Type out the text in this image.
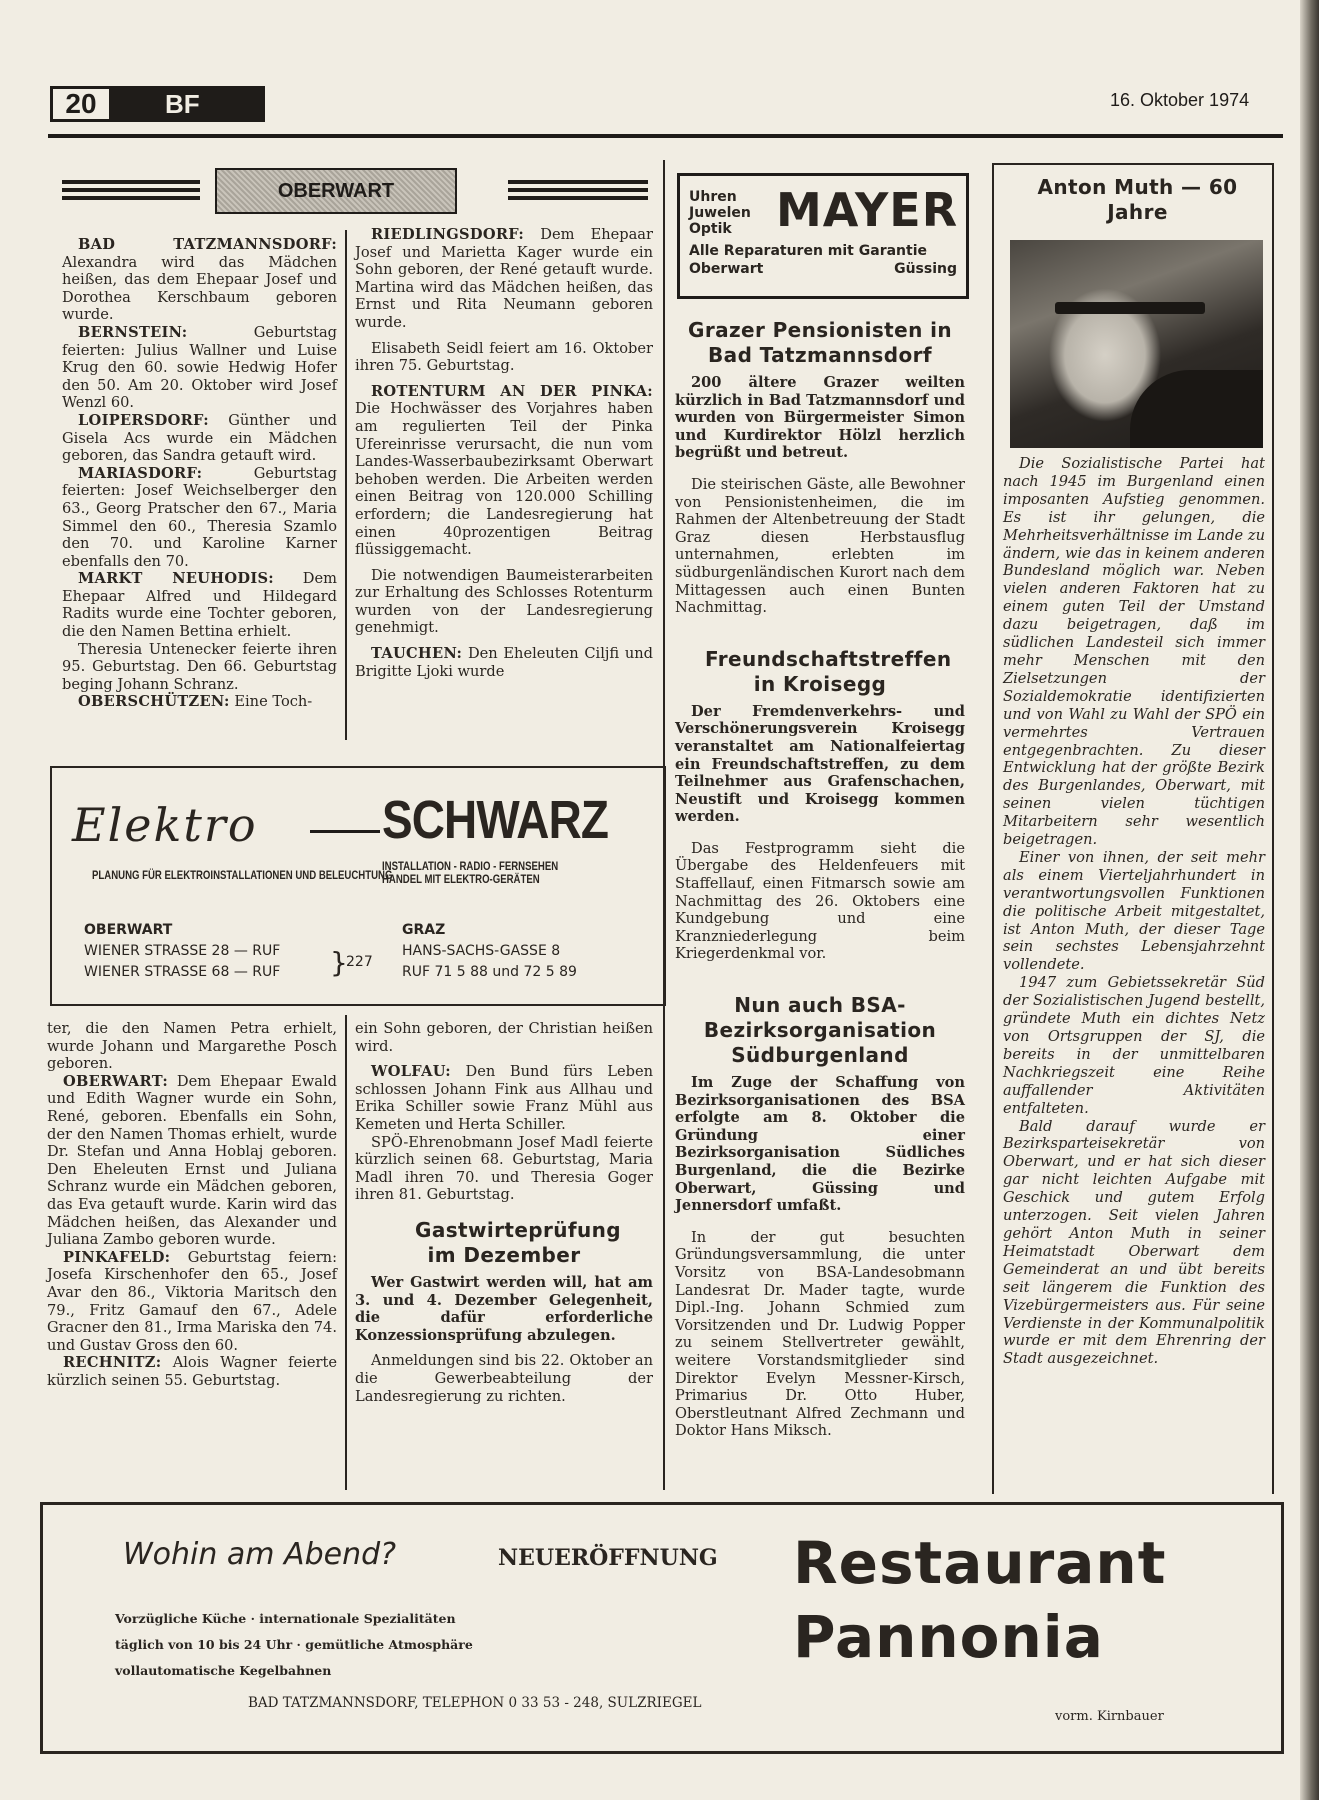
20	BF	16. Oktober 1974
OBERWART

BAD TATZMANNSDORF: Alexandra wird das Mädchen heißen, das dem Ehepaar Josef und Dorothea Kerschbaum geboren wurde.

BERNSTEIN: Geburtstag feierten: Julius Wallner und Luise Krug den 60. sowie Hedwig Hofer den 50. Am 20. Oktober wird Josef Wenzl 60.

LOIPERSDORF: Günther und Gisela Acs wurde ein Mädchen geboren, das Sandra getauft wird.

MARIASDORF: Geburtstag feierten: Josef Weichselberger den 63., Georg Pratscher den 67., Maria Simmel den 60., Theresia Szamlo den 70. und Karoline Karner ebenfalls den 70.

MARKT NEUHODIS: Dem Ehepaar Alfred und Hildegard Radits wurde eine Tochter geboren, die den Namen Bettina erhielt.

Theresia Untenecker feierte ihren 95. Geburtstag. Den 66. Geburtstag beging Johann Schranz.

OBERSCHÜTZEN: Eine Toch-

RIEDLINGSDORF: Dem Ehepaar Josef und Marietta Kager wurde ein Sohn geboren, der René getauft wurde. Martina wird das Mädchen heißen, das Ernst und Rita Neumann geboren wurde.

Elisabeth Seidl feiert am 16. Oktober ihren 75. Geburtstag.

ROTENTURM AN DER PINKA: Die Hochwässer des Vorjahres haben am regulierten Teil der Pinka Ufereinrisse verursacht, die nun vom Landes-Wasserbaubezirksamt Oberwart behoben werden. Die Arbeiten werden einen Beitrag von 120.000 Schilling erfordern; die Landesregierung hat einen 40prozentigen Beitrag flüssiggemacht.

Die notwendigen Baumeisterarbeiten zur Erhaltung des Schlosses Rotenturm wurden von der Landesregierung genehmigt.

TAUCHEN: Den Eheleuten Ciljfi und Brigitte Ljoki wurde

Elektro SCHWARZ
PLANUNG FÜR ELEKTROINSTALLATIONEN UND BELEUCHTUNG
INSTALLATION - RADIO - FERNSEHEN
HANDEL MIT ELEKTRO-GERÄTEN
OBERWART
WIENER STRASSE 28 — RUF
WIENER STRASSE 68 — RUF }
227
GRAZ
HANS-SACHS-GASSE 8
RUF 71 5 88 und 72 5 89

ter, die den Namen Petra erhielt, wurde Johann und Margarethe Posch geboren.

OBERWART: Dem Ehepaar Ewald und Edith Wagner wurde ein Sohn, René, geboren. Ebenfalls ein Sohn, der den Namen Thomas erhielt, wurde Dr. Stefan und Anna Hoblaj geboren. Den Eheleuten Ernst und Juliana Schranz wurde ein Mädchen geboren, das Eva getauft wurde. Karin wird das Mädchen heißen, das Alexander und Juliana Zambo geboren wurde.

PINKAFELD: Geburtstag feiern: Josefa Kirschenhofer den 65., Josef Avar den 86., Viktoria Maritsch den 79., Fritz Gamauf den 67., Adele Gracner den 81., Irma Mariska den 74. und Gustav Gross den 60.

RECHNITZ: Alois Wagner feierte kürzlich seinen 55. Geburtstag.

ein Sohn geboren, der Christian heißen wird.

WOLFAU: Den Bund fürs Leben schlossen Johann Fink aus Allhau und Erika Schiller sowie Franz Mühl aus Kemeten und Herta Schiller.

SPÖ-Ehrenobmann Josef Madl feierte kürzlich seinen 68. Geburtstag, Maria Madl ihren 70. und Theresia Goger ihren 81. Geburtstag.

Gastwirteprüfung im Dezember

Wer Gastwirt werden will, hat am 3. und 4. Dezember Gelegenheit, die dafür erforderliche Konzessionsprüfung abzulegen.

Anmeldungen sind bis 22. Oktober an die Gewerbeabteilung der Landesregierung zu richten.

Uhren
Juwelen
Optik MAYER
Alle Reparaturen mit Garantie
Oberwart	Güssing
Grazer Pensionisten in Bad Tatzmannsdorf

200 ältere Grazer weilten kürzlich in Bad Tatzmannsdorf und wurden von Bürgermeister Simon und Kurdirektor Hölzl herzlich begrüßt und betreut.

Die steirischen Gäste, alle Bewohner von Pensionistenheimen, die im Rahmen der Altenbetreuung der Stadt Graz diesen Herbstausflug unternahmen, erlebten im südburgenländischen Kurort nach dem Mittagessen auch einen Bunten Nachmittag.

Freundschaftstreffen in Kroisegg

Der Fremdenverkehrs- und Verschönerungsverein Kroisegg veranstaltet am Nationalfeiertag ein Freundschaftstreffen, zu dem Teilnehmer aus Grafenschachen, Neustift und Kroisegg kommen werden.

Das Festprogramm sieht die Übergabe des Heldenfeuers mit Staffellauf, einen Fitmarsch sowie am Nachmittag des 26. Oktobers eine Kundgebung und eine Kranzniederlegung beim Kriegerdenkmal vor.

Nun auch BSA-Bezirksorganisation Südburgenland

Im Zuge der Schaffung von Bezirksorganisationen des BSA erfolgte am 8. Oktober die Gründung einer Bezirksorganisation Südliches Burgenland, die die Bezirke Oberwart, Güssing und Jennersdorf umfaßt.

In der gut besuchten Gründungsversammlung, die unter Vorsitz von BSA-Landesobmann Landesrat Dr. Mader tagte, wurde Dipl.-Ing. Johann Schmied zum Vorsitzenden und Dr. Ludwig Popper zu seinem Stellvertreter gewählt, weitere Vorstandsmitglieder sind Direktor Evelyn Messner-Kirsch, Primarius Dr. Otto Huber, Oberstleutnant Alfred Zechmann und Doktor Hans Miksch.

Anton Muth — 60 Jahre

Die Sozialistische Partei hat nach 1945 im Burgenland einen imposanten Aufstieg genommen. Es ist ihr gelungen, die Mehrheitsverhältnisse im Lande zu ändern, wie das in keinem anderen Bundesland möglich war. Neben vielen anderen Faktoren hat zu einem guten Teil der Umstand dazu beigetragen, daß im südlichen Landesteil sich immer mehr Menschen mit den Zielsetzungen der Sozialdemokratie identifizierten und von Wahl zu Wahl der SPÖ ein vermehrtes Vertrauen entgegenbrachten. Zu dieser Entwicklung hat der größte Bezirk des Burgenlandes, Oberwart, mit seinen vielen tüchtigen Mitarbeitern sehr wesentlich beigetragen.

Einer von ihnen, der seit mehr als einem Vierteljahrhundert in verantwortungsvollen Funktionen die politische Arbeit mitgestaltet, ist Anton Muth, der dieser Tage sein sechstes Lebensjahrzehnt vollendete.

1947 zum Gebietssekretär Süd der Sozialistischen Jugend bestellt, gründete Muth ein dichtes Netz von Ortsgruppen der SJ, die bereits in der unmittelbaren Nachkriegszeit eine Reihe auffallender Aktivitäten entfalteten.

Bald darauf wurde er Bezirksparteisekretär von Oberwart, und er hat sich dieser gar nicht leichten Aufgabe mit Geschick und gutem Erfolg unterzogen. Seit vielen Jahren gehört Anton Muth in seiner Heimatstadt Oberwart dem Gemeinderat an und übt bereits seit längerem die Funktion des Vizebürgermeisters aus. Für seine Verdienste in der Kommunalpolitik wurde er mit dem Ehrenring der Stadt ausgezeichnet.

Wohin am Abend?	NEUERÖFFNUNG
Vorzügliche Küche · internationale Spezialitäten
täglich von 10 bis 24 Uhr · gemütliche Atmosphäre
vollautomatische Kegelbahnen
BAD TATZMANNSDORF, TELEPHON 0 33 53 - 248, SULZRIEGEL
Restaurant
Pannonia
vorm. Kirnbauer
